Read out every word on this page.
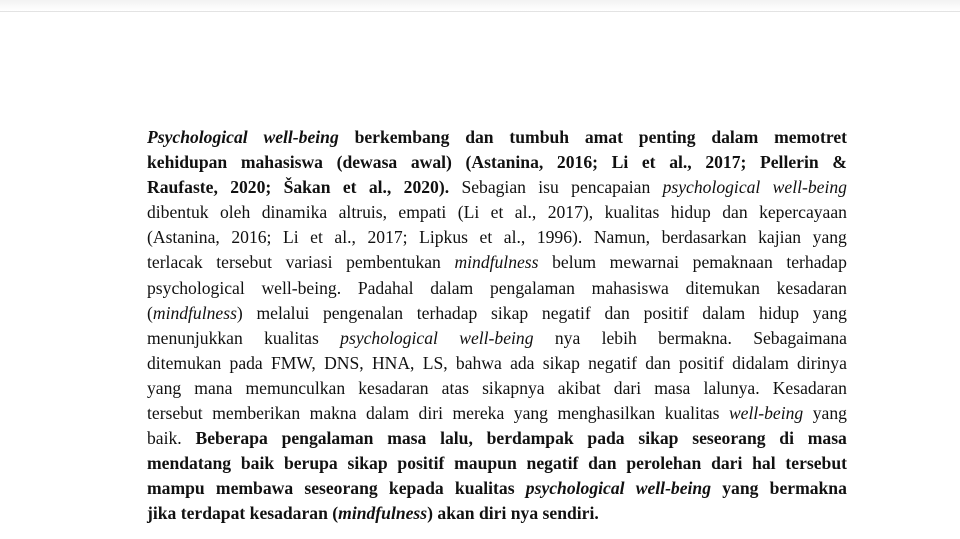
Psychological well-being berkembang dan tumbuh amat penting dalam memotret
kehidupan mahasiswa (dewasa awal) (Astanina, 2016; Li et al., 2017; Pellerin &
Raufaste, 2020; Šakan et al., 2020). Sebagian isu pencapaian psychological well-being
dibentuk oleh dinamika altruis, empati (Li et al., 2017), kualitas hidup dan kepercayaan
(Astanina, 2016; Li et al., 2017; Lipkus et al., 1996). Namun, berdasarkan kajian yang
terlacak tersebut variasi pembentukan mindfulness belum mewarnai pemaknaan terhadap
psychological well-being. Padahal dalam pengalaman mahasiswa ditemukan kesadaran
(mindfulness) melalui pengenalan terhadap sikap negatif dan positif dalam hidup yang
menunjukkan kualitas psychological well-being nya lebih bermakna. Sebagaimana
ditemukan pada FMW, DNS, HNA, LS, bahwa ada sikap negatif dan positif didalam dirinya
yang mana memunculkan kesadaran atas sikapnya akibat dari masa lalunya. Kesadaran
tersebut memberikan makna dalam diri mereka yang menghasilkan kualitas well-being yang
baik. Beberapa pengalaman masa lalu, berdampak pada sikap seseorang di masa
mendatang baik berupa sikap positif maupun negatif dan perolehan dari hal tersebut
mampu membawa seseorang kepada kualitas psychological well-being yang bermakna
jika terdapat kesadaran (mindfulness) akan diri nya sendiri.
